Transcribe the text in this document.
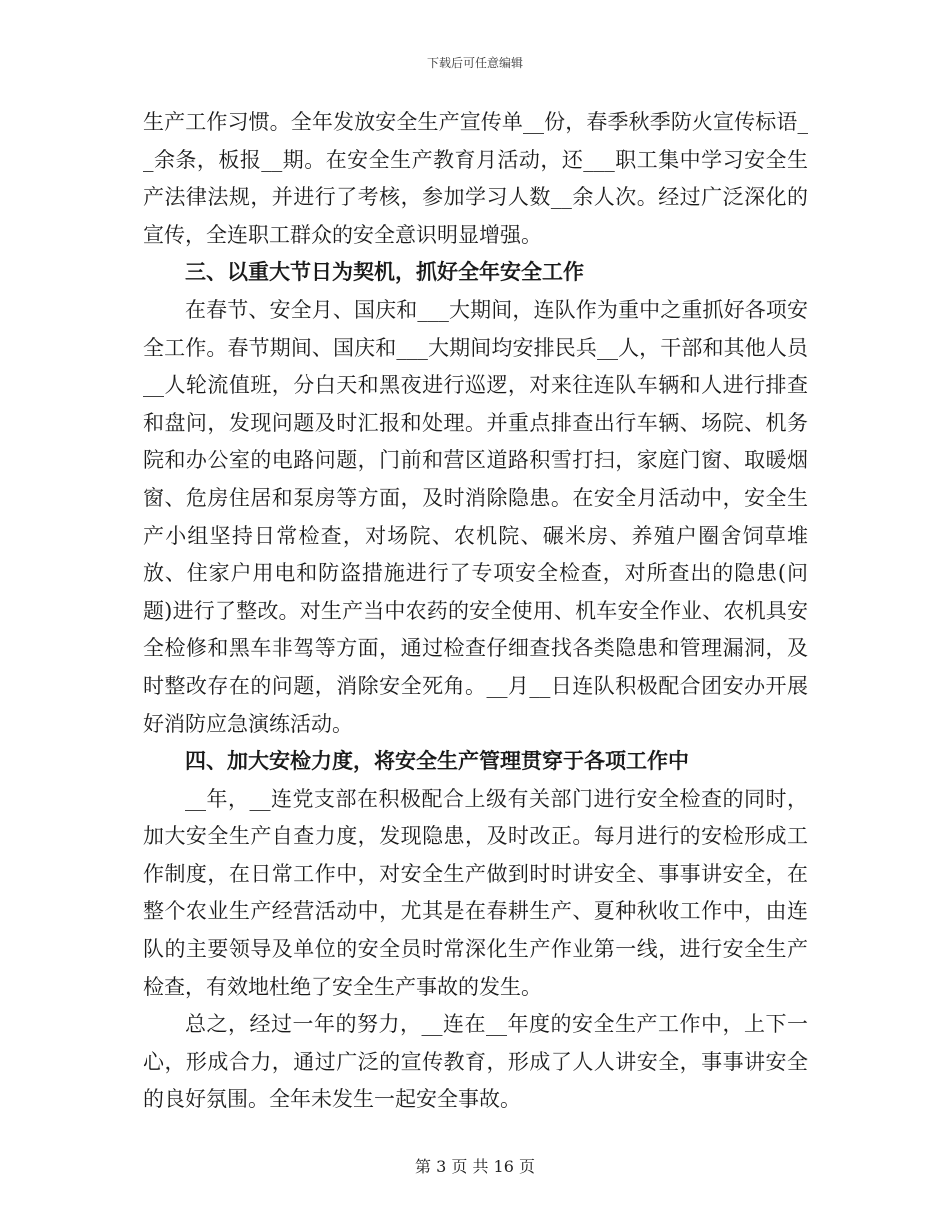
下载后可任意编辑

生产工作习惯。全年发放安全生产宣传单__份，春季秋季防火宣传标语__余条，板报__期。在安全生产教育月活动，还___职工集中学习安全生产法律法规，并进行了考核，参加学习人数__余人次。经过广泛深化的宣传，全连职工群众的安全意识明显增强。

三、以重大节日为契机，抓好全年安全工作

在春节、安全月、国庆和___大期间，连队作为重中之重抓好各项安全工作。春节期间、国庆和___大期间均安排民兵__人，干部和其他人员__人轮流值班，分白天和黑夜进行巡逻，对来往连队车辆和人进行排查和盘问，发现问题及时汇报和处理。并重点排查出行车辆、场院、机务院和办公室的电路问题，门前和营区道路积雪打扫，家庭门窗、取暖烟窗、危房住居和泵房等方面，及时消除隐患。在安全月活动中，安全生产小组坚持日常检查，对场院、农机院、碾米房、养殖户圈舍饲草堆放、住家户用电和防盗措施进行了专项安全检查，对所查出的隐患(问题)进行了整改。对生产当中农药的安全使用、机车安全作业、农机具安全检修和黑车非驾等方面，通过检查仔细查找各类隐患和管理漏洞，及时整改存在的问题，消除安全死角。__月__日连队积极配合团安办开展好消防应急演练活动。

四、加大安检力度，将安全生产管理贯穿于各项工作中

__年，__连党支部在积极配合上级有关部门进行安全检查的同时，加大安全生产自查力度，发现隐患，及时改正。每月进行的安检形成工作制度，在日常工作中，对安全生产做到时时讲安全、事事讲安全，在整个农业生产经营活动中，尤其是在春耕生产、夏种秋收工作中，由连队的主要领导及单位的安全员时常深化生产作业第一线，进行安全生产检查，有效地杜绝了安全生产事故的发生。

总之，经过一年的努力，__连在__年度的安全生产工作中，上下一心，形成合力，通过广泛的宣传教育，形成了人人讲安全，事事讲安全的良好氛围。全年未发生一起安全事故。

第 3 页 共 16 页
